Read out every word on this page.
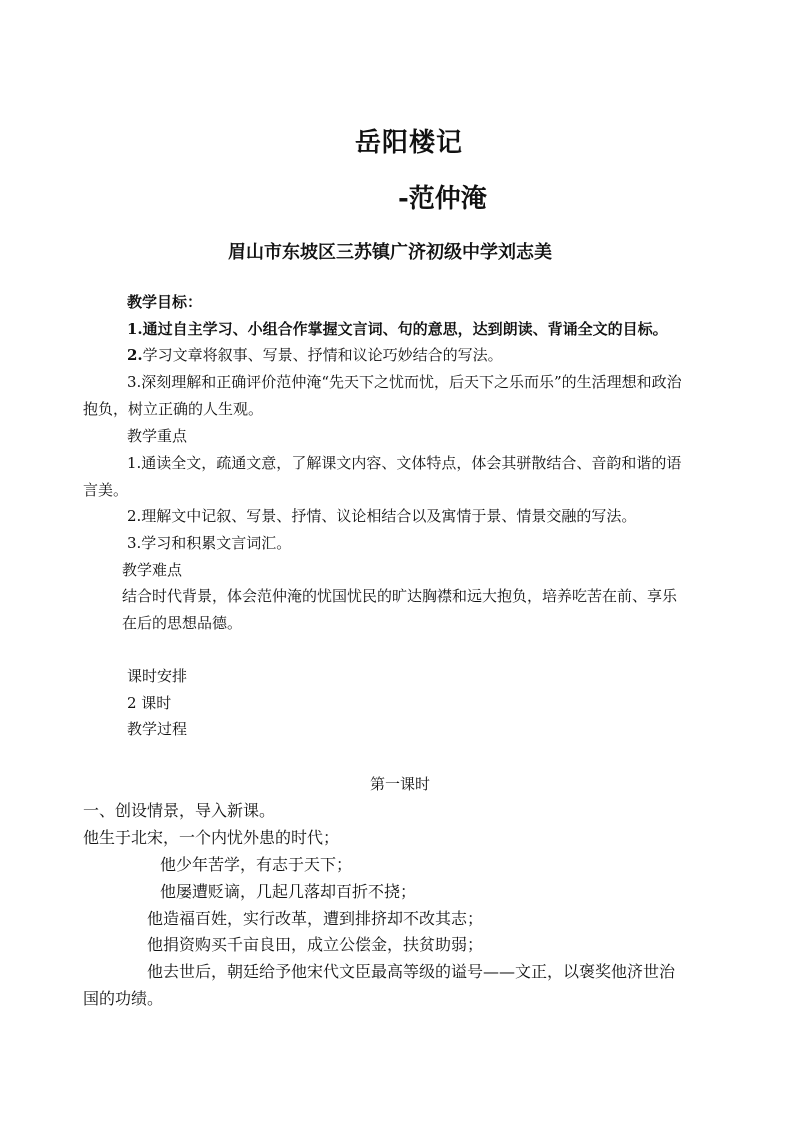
岳阳楼记
-范仲淹
眉山市东坡区三苏镇广济初级中学刘志美
教学目标：
1.通过自主学习、小组合作掌握文言词、句的意思，达到朗读、背诵全文的目标。
2.学习文章将叙事、写景、抒情和议论巧妙结合的写法。
3.深刻理解和正确评价范仲淹“先天下之忧而忧，后天下之乐而乐”的生活理想和政治
抱负，树立正确的人生观。
教学重点
1.通读全文，疏通文意，了解课文内容、文体特点，体会其骈散结合、音韵和谐的语
言美。
2.理解文中记叙、写景、抒情、议论相结合以及寓情于景、情景交融的写法。
3.学习和积累文言词汇。
教学难点
结合时代背景，体会范仲淹的忧国忧民的旷达胸襟和远大抱负，培养吃苦在前、享乐
在后的思想品德。
课时安排
2 课时
教学过程
第一课时
一、创设情景，导入新课。
他生于北宋，一个内忧外患的时代；
他少年苦学，有志于天下；
他屡遭贬谪，几起几落却百折不挠；
他造福百姓，实行改革，遭到排挤却不改其志；
他捐资购买千亩良田，成立公偿金，扶贫助弱；
他去世后，朝廷给予他宋代文臣最高等级的谥号——文正，以褒奖他济世治
国的功绩。
